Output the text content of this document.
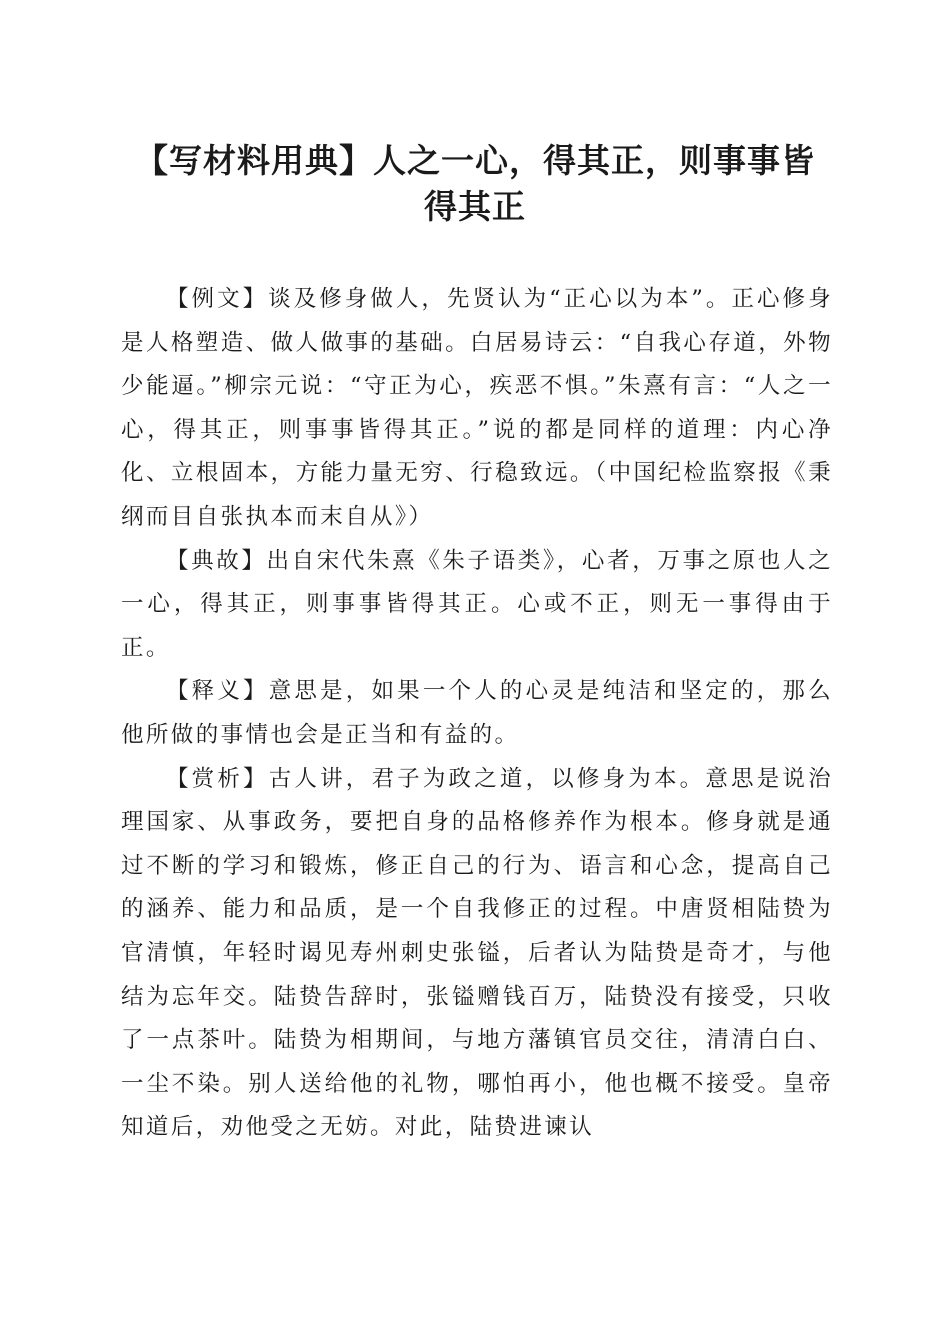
【写材料用典】人之一心，得其正，则事事皆
得其正

【例文】谈及修身做人，先贤认为“正心以为本”。正心修身是人格塑造、做人做事的基础。白居易诗云：“自我心存道，外物少能逼。”柳宗元说：“守正为心，疾恶不惧。”朱熹有言：“人之一心，得其正，则事事皆得其正。”说的都是同样的道理：内心净化、立根固本，方能力量无穷、行稳致远。（中国纪检监察报《秉纲而目自张执本而末自从》）

【典故】出自宋代朱熹《朱子语类》，心者，万事之原也人之一心，得其正，则事事皆得其正。心或不正，则无一事得由于正。

【释义】意思是，如果一个人的心灵是纯洁和坚定的，那么他所做的事情也会是正当和有益的。

【赏析】古人讲，君子为政之道，以修身为本。意思是说治理国家、从事政务，要把自身的品格修养作为根本。修身就是通过不断的学习和锻炼，修正自己的行为、语言和心念，提高自己的涵养、能力和品质，是一个自我修正的过程。中唐贤相陆贽为官清慎，年轻时谒见寿州刺史张镒，后者认为陆贽是奇才，与他结为忘年交。陆贽告辞时，张镒赠钱百万，陆贽没有接受，只收了一点茶叶。陆贽为相期间，与地方藩镇官员交往，清清白白、一尘不染。别人送给他的礼物，哪怕再小，他也概不接受。皇帝知道后，劝他受之无妨。对此，陆贽进谏认
